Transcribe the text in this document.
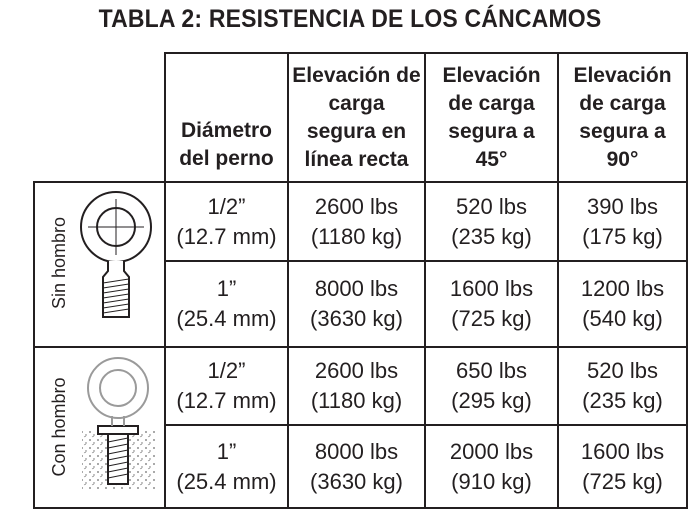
TABLA 2: RESISTENCIA DE LOS CÁNCAMOS
Diámetro del perno
Elevación de carga segura en línea recta
Elevación de carga segura a 45°
Elevación de carga segura a 90°
Sin hombro
Con hombro
1/2”
(12.7 mm)
2600 lbs
(1180 kg)
520 lbs
(235 kg)
390 lbs
(175 kg)
1”
(25.4 mm)
8000 lbs
(3630 kg)
1600 lbs
(725 kg)
1200 lbs
(540 kg)
1/2”
(12.7 mm)
2600 lbs
(1180 kg)
650 lbs
(295 kg)
520 lbs
(235 kg)
1”
(25.4 mm)
8000 lbs
(3630 kg)
2000 lbs
(910 kg)
1600 lbs
(725 kg)
